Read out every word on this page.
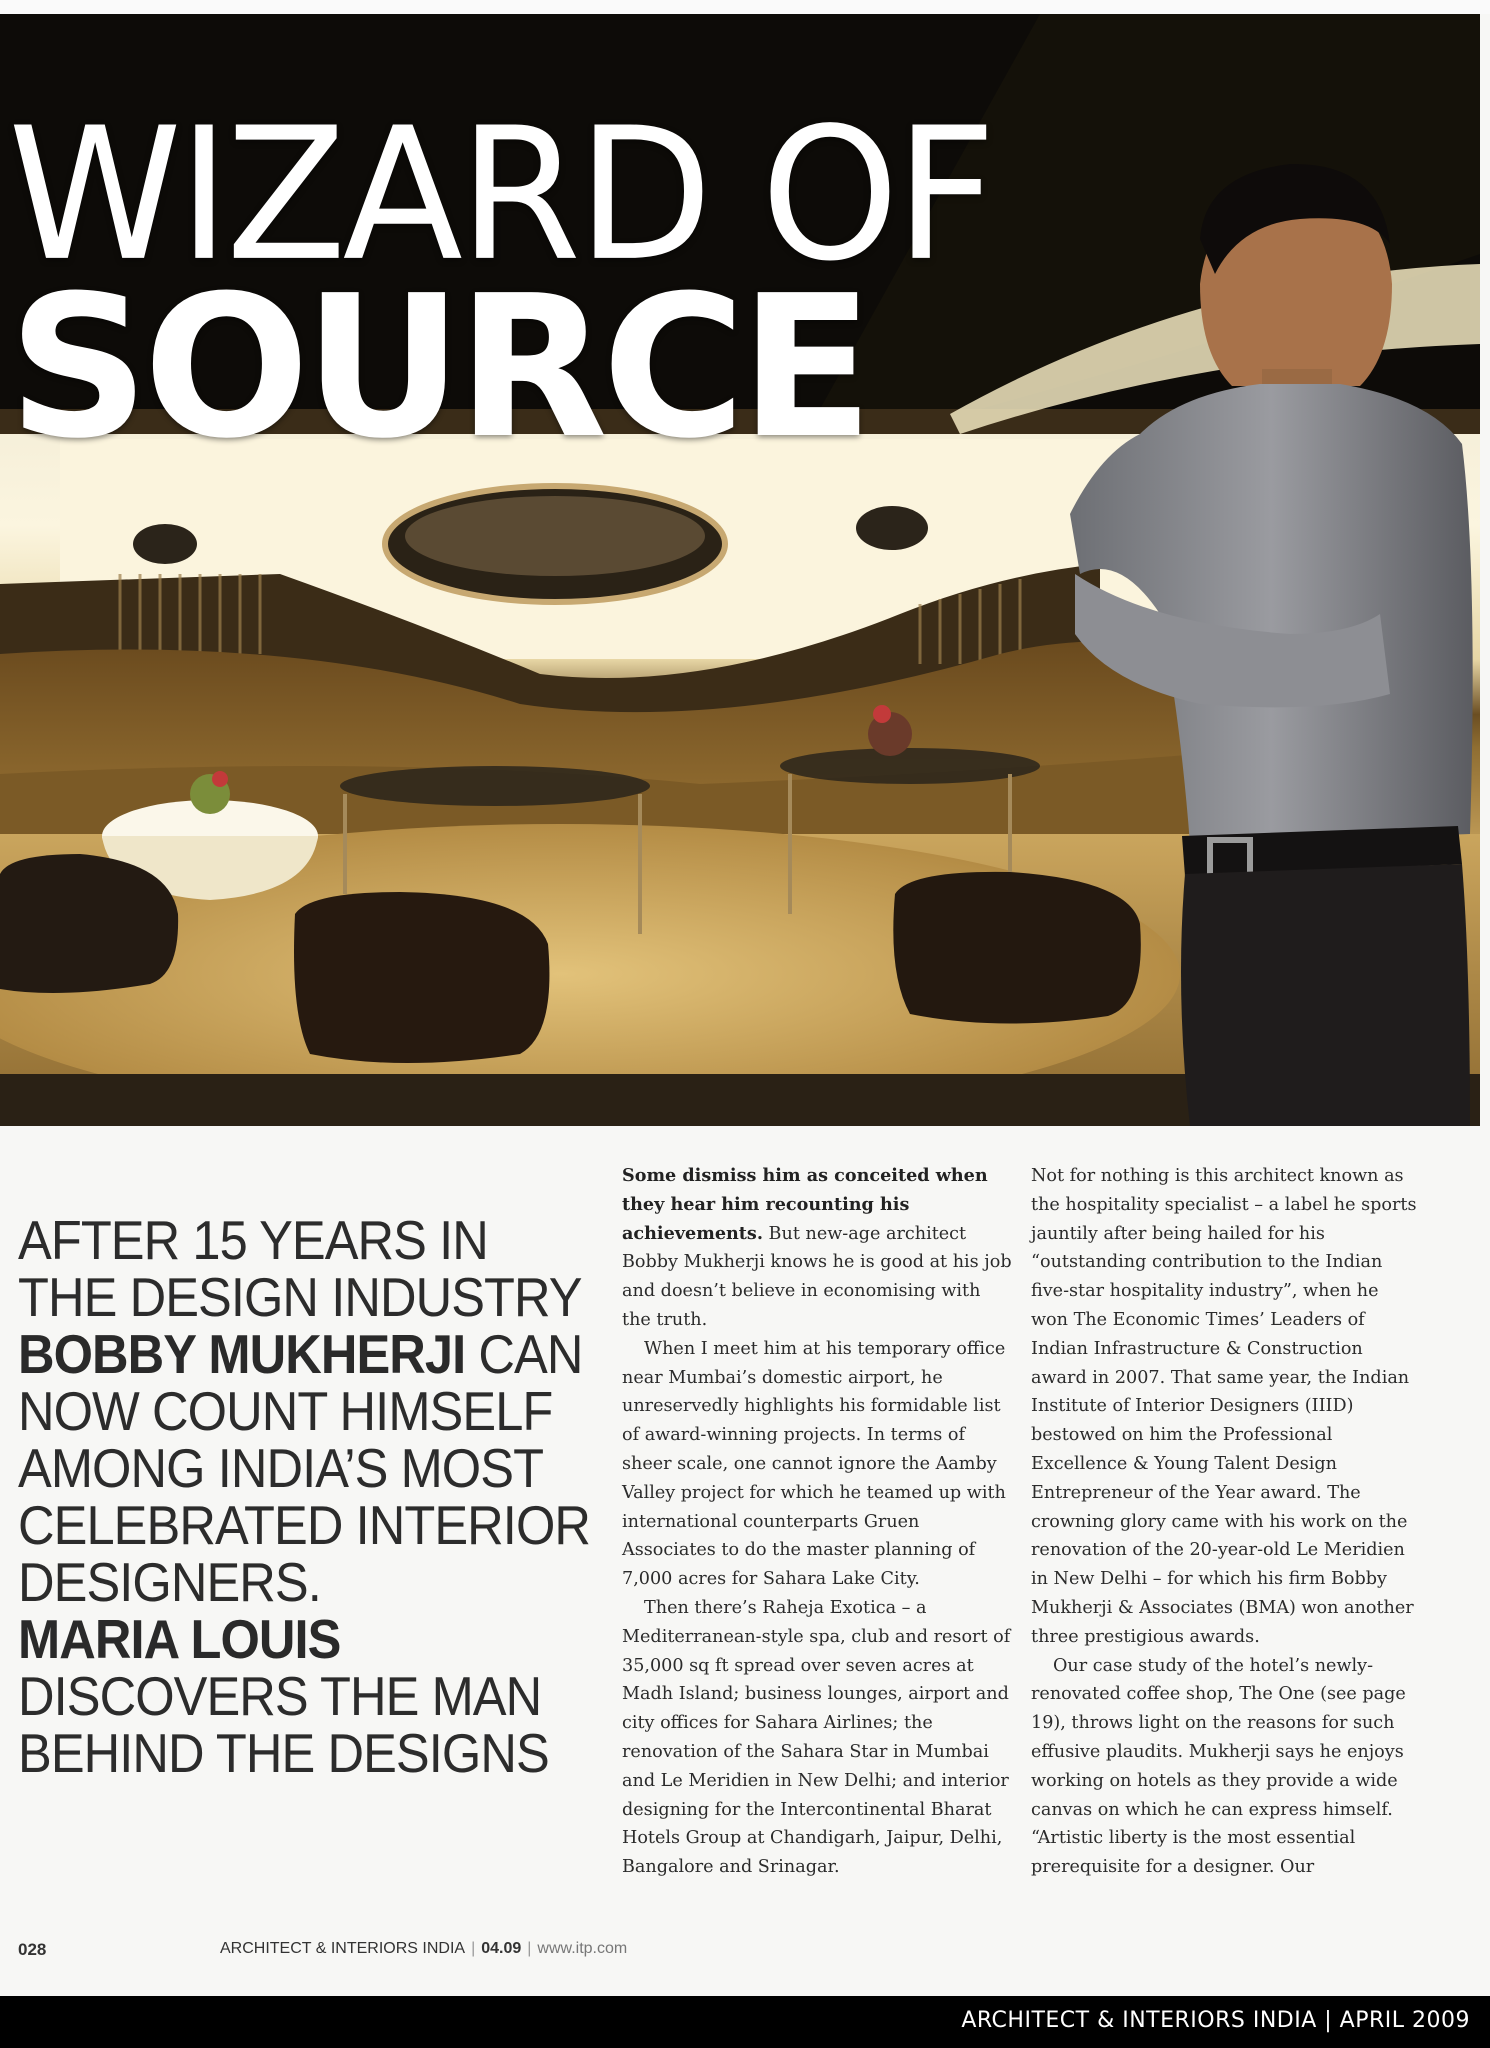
WIZARD OF
SOURCE
AFTER 15 YEARS IN
THE DESIGN INDUSTRY
BOBBY MUKHERJI CAN
NOW COUNT HIMSELF
AMONG INDIA’S MOST
CELEBRATED INTERIOR
DESIGNERS.
MARIA LOUIS
DISCOVERS THE MAN
BEHIND THE DESIGNS

Some dismiss him as conceited when they hear him recounting his achievements. But new-age architect Bobby Mukherji knows he is good at his job and doesn’t believe in economising with the truth.

When I meet him at his temporary office near Mumbai’s domestic airport, he unreservedly highlights his formidable list of award-winning projects. In terms of sheer scale, one cannot ignore the Aamby Valley project for which he teamed up with international counterparts Gruen Associates to do the master planning of 7,000 acres for Sahara Lake City.

Then there’s Raheja Exotica – a Mediterranean-style spa, club and resort of 35,000 sq ft spread over seven acres at Madh Island; business lounges, airport and city offices for Sahara Airlines; the renovation of the Sahara Star in Mumbai and Le Meridien in New Delhi; and interior designing for the Intercontinental Bharat Hotels Group at Chandigarh, Jaipur, Delhi, Bangalore and Srinagar.

Not for nothing is this architect known as the hospitality specialist – a label he sports jauntily after being hailed for his “outstanding contribution to the Indian five-star hospitality industry”, when he won The Economic Times’ Leaders of Indian Infrastructure & Construction award in 2007. That same year, the Indian Institute of Interior Designers (IIID) bestowed on him the Professional Excellence & Young Talent Design Entrepreneur of the Year award. The crowning glory came with his work on the renovation of the 20-year-old Le Meridien in New Delhi – for which his firm Bobby Mukherji & Associates (BMA) won another three prestigious awards.

Our case study of the hotel’s newly-renovated coffee shop, The One (see page 19), throws light on the reasons for such effusive plaudits. Mukherji says he enjoys working on hotels as they provide a wide canvas on which he can express himself. “Artistic liberty is the most essential prerequisite for a designer. Our

028	ARCHITECT & INTERIORS INDIA | 04.09 | www.itp.com
ARCHITECT & INTERIORS INDIA | APRIL 2009
